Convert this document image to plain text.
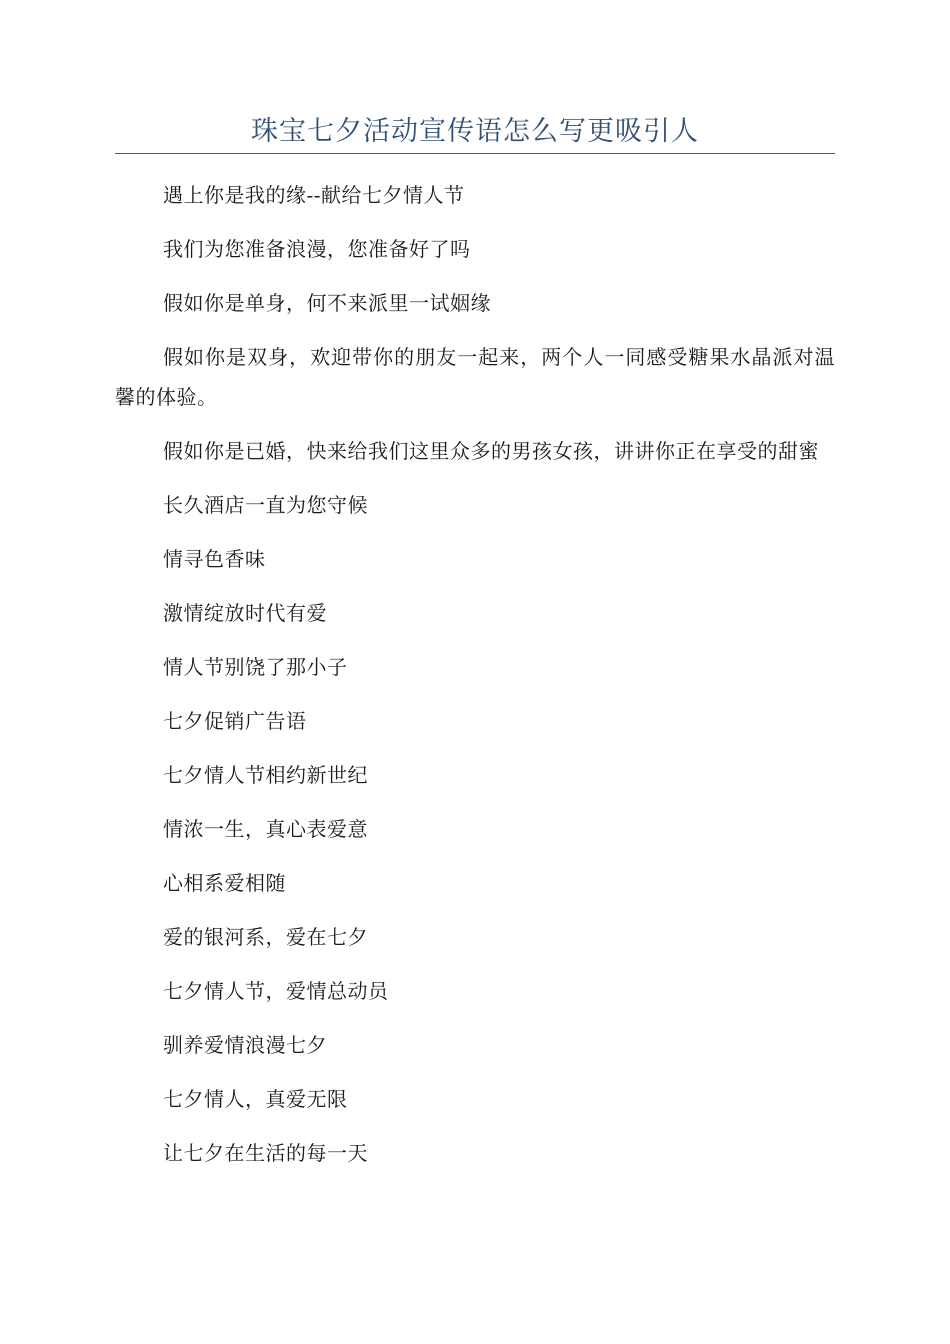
珠宝七夕活动宣传语怎么写更吸引人

遇上你是我的缘--献给七夕情人节

我们为您准备浪漫，您准备好了吗

假如你是单身，何不来派里一试姻缘

假如你是双身，欢迎带你的朋友一起来，两个人一同感受糖果水晶派对温馨的体验。

假如你是已婚，快来给我们这里众多的男孩女孩，讲讲你正在享受的甜蜜

长久酒店一直为您守候

情寻色香味

激情绽放时代有爱

情人节别饶了那小子

七夕促销广告语

七夕情人节相约新世纪

情浓一生，真心表爱意

心相系爱相随

爱的银河系，爱在七夕

七夕情人节，爱情总动员

驯养爱情浪漫七夕

七夕情人，真爱无限

让七夕在生活的每一天
